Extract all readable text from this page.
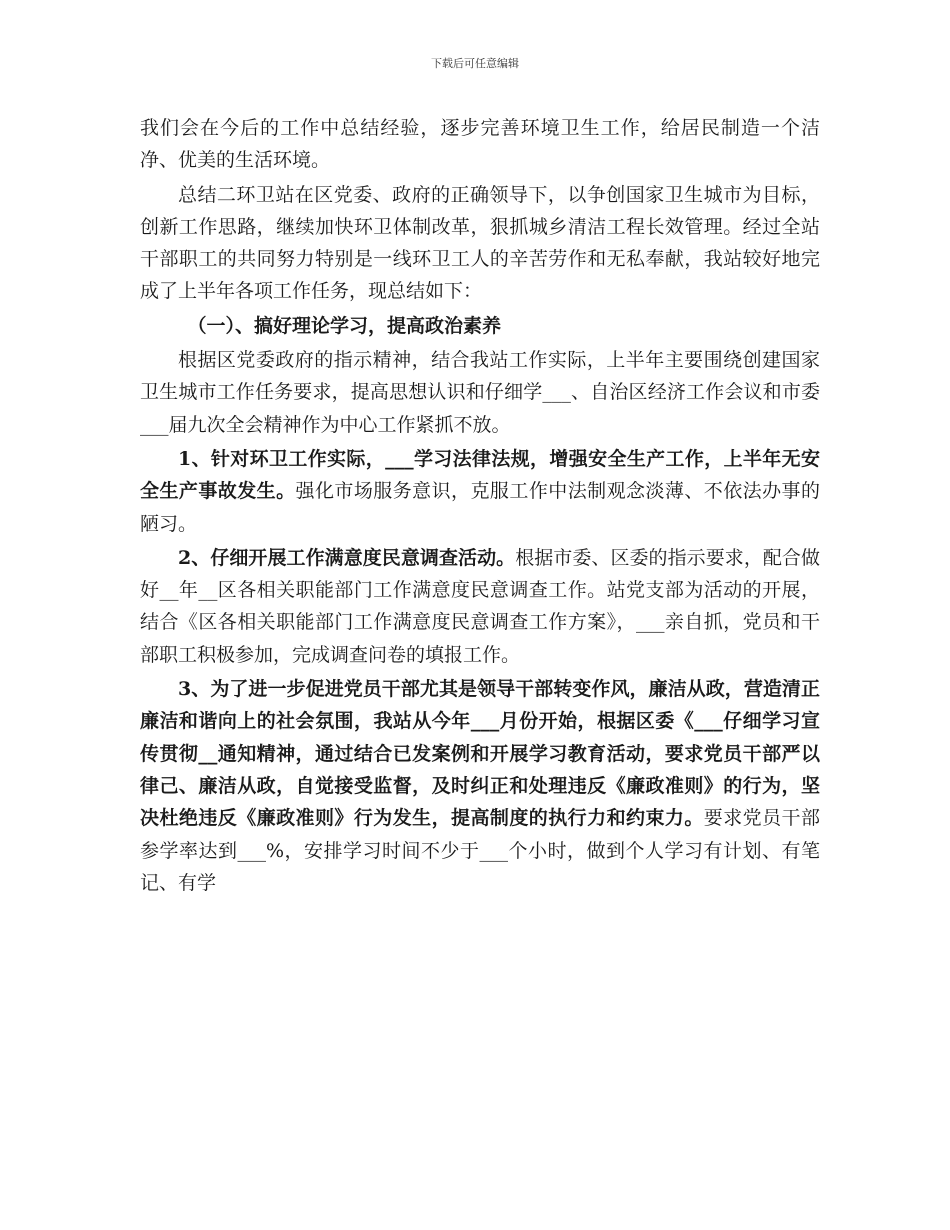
下载后可任意编辑

我们会在今后的工作中总结经验，逐步完善环境卫生工作，给居民制造一个洁净、优美的生活环境。

总结二环卫站在区党委、政府的正确领导下，以争创国家卫生城市为目标，创新工作思路，继续加快环卫体制改革，狠抓城乡清洁工程长效管理。经过全站干部职工的共同努力特别是一线环卫工人的辛苦劳作和无私奉献，我站较好地完成了上半年各项工作任务，现总结如下：

（一）、搞好理论学习，提高政治素养

根据区党委政府的指示精神，结合我站工作实际，上半年主要围绕创建国家卫生城市工作任务要求，提高思想认识和仔细学___、自治区经济工作会议和市委___届九次全会精神作为中心工作紧抓不放。

1、针对环卫工作实际，___学习法律法规，增强安全生产工作，上半年无安全生产事故发生。强化市场服务意识，克服工作中法制观念淡薄、不依法办事的陋习。

2、仔细开展工作满意度民意调查活动。根据市委、区委的指示要求，配合做好__年__区各相关职能部门工作满意度民意调查工作。站党支部为活动的开展，结合《区各相关职能部门工作满意度民意调查工作方案》，___亲自抓，党员和干部职工积极参加，完成调查问卷的填报工作。

3、为了进一步促进党员干部尤其是领导干部转变作风，廉洁从政，营造清正廉洁和谐向上的社会氛围，我站从今年___月份开始，根据区委《___仔细学习宣传贯彻__通知精神，通过结合已发案例和开展学习教育活动，要求党员干部严以律己、廉洁从政，自觉接受监督，及时纠正和处理违反《廉政准则》的行为，坚决杜绝违反《廉政准则》行为发生，提高制度的执行力和约束力。要求党员干部参学率达到___%，安排学习时间不少于___个小时，做到个人学习有计划、有笔记、有学
